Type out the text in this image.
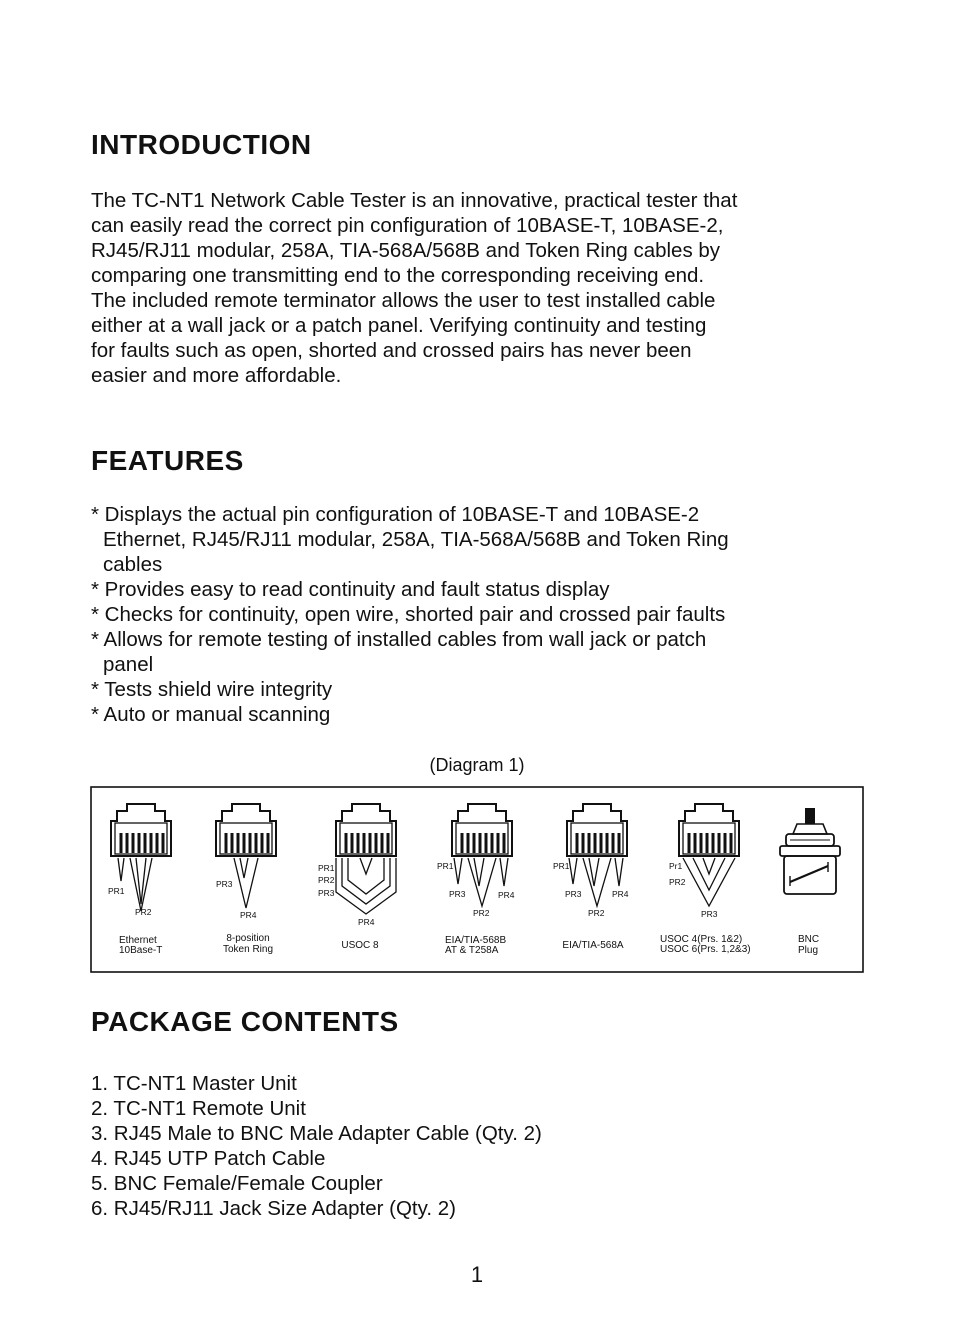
INTRODUCTION

The TC-NT1 Network Cable Tester is an innovative, practical tester that
can easily read the correct pin configuration of 10BASE-T, 10BASE-2,
RJ45/RJ11 modular, 258A, TIA-568A/568B and Token Ring cables by
comparing one transmitting end to the corresponding receiving end.
The included remote terminator allows the user to test installed cable
either at a wall jack or a patch panel. Verifying continuity and testing
for faults such as open, shorted and crossed pairs has never been
easier and more affordable.

FEATURES
* Displays the actual pin configuration of 10BASE-T and 10BASE-2
Ethernet, RJ45/RJ11 modular, 258A, TIA-568A/568B and Token Ring
cables
* Provides easy to read continuity and fault status display
* Checks for continuity, open wire, shorted pair and crossed pair faults
* Allows for remote testing of installed cables from wall jack or patch
panel
* Tests shield wire integrity
* Auto or manual scanning
(Diagram 1)
PR1
PR2
Ethernet
10Base-T
PR3
PR4
8-position
Token Ring
PR1
PR2
PR3
PR4
USOC 8
PR1
PR3	PR4
PR2
EIA/TIA-568B
AT & T258A
PR1
PR3	PR4
PR2
EIA/TIA-568A
Pr1
PR2
PR3
USOC 4(Prs. 1&2)
USOC 6(Prs. 1,2&3)
BNC
Plug
PACKAGE CONTENTS
1. TC-NT1 Master Unit
2. TC-NT1 Remote Unit
3. RJ45 Male to BNC Male Adapter Cable (Qty. 2)
4. RJ45 UTP Patch Cable
5. BNC Female/Female Coupler
6. RJ45/RJ11 Jack Size Adapter (Qty. 2)
1
